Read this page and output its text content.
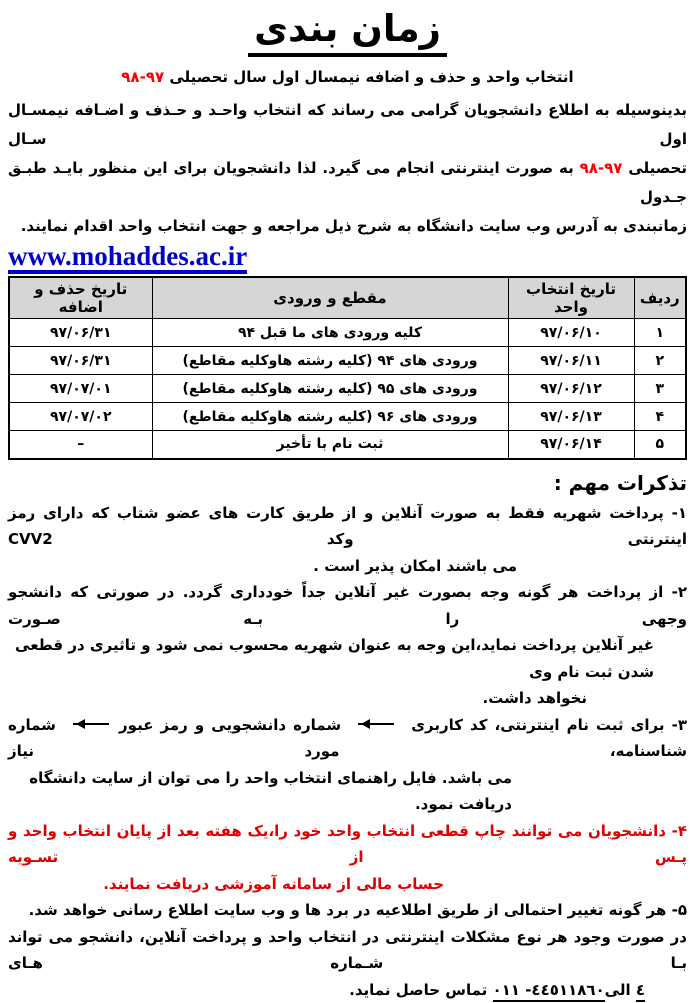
زمان بندی
انتخاب واحد و حذف و اضافه نیمسال اول سال تحصیلی ۹۷-۹۸
بدینوسیله به اطلاع دانشجویان گرامی می رساند که انتخاب واحـد و حـذف و اضـافه نیمسـال اول سـال
تحصیلی ۹۷-۹۸ به صورت اینترنتی انجام می گیرد. لذا دانشجویان برای این منظور بایـد طبـق جـدول
زمانبندی به آدرس وب سایت دانشگاه به شرح ذیل مراجعه و جهت انتخاب واحد اقدام نمایند.
www.mohaddes.ac.ir
ردیف	تاریخ انتخاب واحد	مقطع و ورودی	تاریخ حذف و اضافه
۱	۹۷/۰۶/۱۰	کلیه ورودی های ما قبل ۹۴	۹۷/۰۶/۳۱
۲	۹۷/۰۶/۱۱	ورودی های ۹۴ (کلیه رشته هاوکلیه مقاطع)	۹۷/۰۶/۳۱
۳	۹۷/۰۶/۱۲	ورودی های ۹۵ (کلیه رشته هاوکلیه مقاطع)	۹۷/۰۷/۰۱
۴	۹۷/۰۶/۱۳	ورودی های ۹۶ (کلیه رشته هاوکلیه مقاطع)	۹۷/۰۷/۰۲
۵	۹۷/۰۶/۱۴	ثبت نام با تأخیر	–
تذکرات مهم :
۱- پرداخت شهریه فقط به صورت آنلاین و از طریق کارت های عضو شتاب که دارای رمز اینترنتی وکد CVV2
می باشند امکان پذیر است .
۲- از پرداخت هر گونه وجه بصورت غیر آنلاین جداً خودداری گردد. در صورتی که دانشجو وجهی را بـه صـورت
غیر آنلاین پرداخت نماید،این وجه به عنوان شهریه محسوب نمی شود و تاثیری در قطعی شدن ثبت نام وی
نخواهد داشت.
۳- برای ثبت نام اینترنتی، کد کاربری  شماره دانشجویی و رمز عبور شماره شناسنامه، مورد نیاز
می باشد. فایل راهنمای انتخاب واحد را می توان از سایت دانشگاه دریافت نمود.
۴- دانشجویان می توانند چاپ قطعی انتخاب واحد خود را،یک هفته بعد از پایان انتخاب واحد و پـس از تسـویه
حساب مالی از سامانه آموزشی دریافت نمایند.
۵- هر گونه تغییر احتمالی از طریق اطلاعیه در برد ها و وب سایت اطلاع رسانی خواهد شد.
در صورت وجود هر نوع مشکلات اینترنتی در انتخاب واحد و پرداخت آنلاین، دانشجو می تواند بـا شـماره هـای
٤ الی٤٤٥١١٨٦٠- ٠١١ تماس حاصل نماید.
